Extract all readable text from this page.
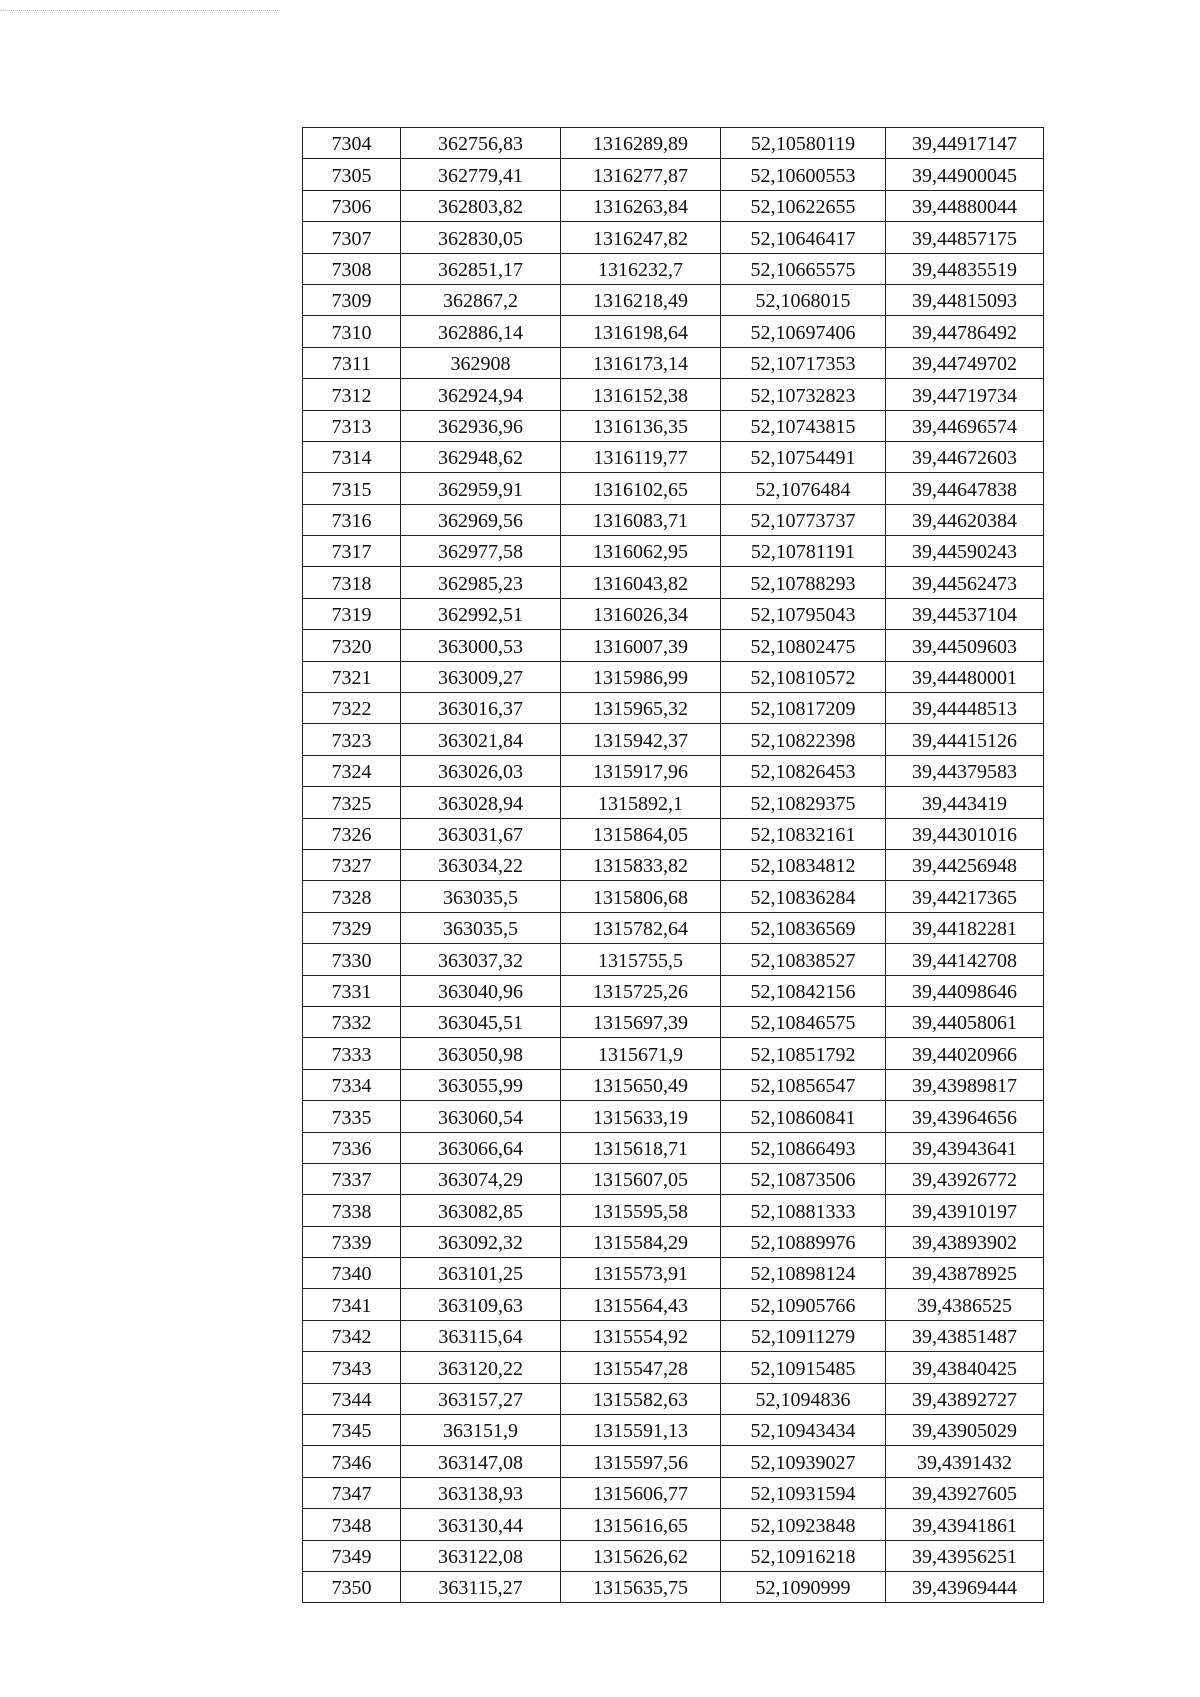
7304	362756,83	1316289,89	52,10580119	39,44917147
7305	362779,41	1316277,87	52,10600553	39,44900045
7306	362803,82	1316263,84	52,10622655	39,44880044
7307	362830,05	1316247,82	52,10646417	39,44857175
7308	362851,17	1316232,7	52,10665575	39,44835519
7309	362867,2	1316218,49	52,1068015	39,44815093
7310	362886,14	1316198,64	52,10697406	39,44786492
7311	362908	1316173,14	52,10717353	39,44749702
7312	362924,94	1316152,38	52,10732823	39,44719734
7313	362936,96	1316136,35	52,10743815	39,44696574
7314	362948,62	1316119,77	52,10754491	39,44672603
7315	362959,91	1316102,65	52,1076484	39,44647838
7316	362969,56	1316083,71	52,10773737	39,44620384
7317	362977,58	1316062,95	52,10781191	39,44590243
7318	362985,23	1316043,82	52,10788293	39,44562473
7319	362992,51	1316026,34	52,10795043	39,44537104
7320	363000,53	1316007,39	52,10802475	39,44509603
7321	363009,27	1315986,99	52,10810572	39,44480001
7322	363016,37	1315965,32	52,10817209	39,44448513
7323	363021,84	1315942,37	52,10822398	39,44415126
7324	363026,03	1315917,96	52,10826453	39,44379583
7325	363028,94	1315892,1	52,10829375	39,443419
7326	363031,67	1315864,05	52,10832161	39,44301016
7327	363034,22	1315833,82	52,10834812	39,44256948
7328	363035,5	1315806,68	52,10836284	39,44217365
7329	363035,5	1315782,64	52,10836569	39,44182281
7330	363037,32	1315755,5	52,10838527	39,44142708
7331	363040,96	1315725,26	52,10842156	39,44098646
7332	363045,51	1315697,39	52,10846575	39,44058061
7333	363050,98	1315671,9	52,10851792	39,44020966
7334	363055,99	1315650,49	52,10856547	39,43989817
7335	363060,54	1315633,19	52,10860841	39,43964656
7336	363066,64	1315618,71	52,10866493	39,43943641
7337	363074,29	1315607,05	52,10873506	39,43926772
7338	363082,85	1315595,58	52,10881333	39,43910197
7339	363092,32	1315584,29	52,10889976	39,43893902
7340	363101,25	1315573,91	52,10898124	39,43878925
7341	363109,63	1315564,43	52,10905766	39,4386525
7342	363115,64	1315554,92	52,10911279	39,43851487
7343	363120,22	1315547,28	52,10915485	39,43840425
7344	363157,27	1315582,63	52,1094836	39,43892727
7345	363151,9	1315591,13	52,10943434	39,43905029
7346	363147,08	1315597,56	52,10939027	39,4391432
7347	363138,93	1315606,77	52,10931594	39,43927605
7348	363130,44	1315616,65	52,10923848	39,43941861
7349	363122,08	1315626,62	52,10916218	39,43956251
7350	363115,27	1315635,75	52,1090999	39,43969444
